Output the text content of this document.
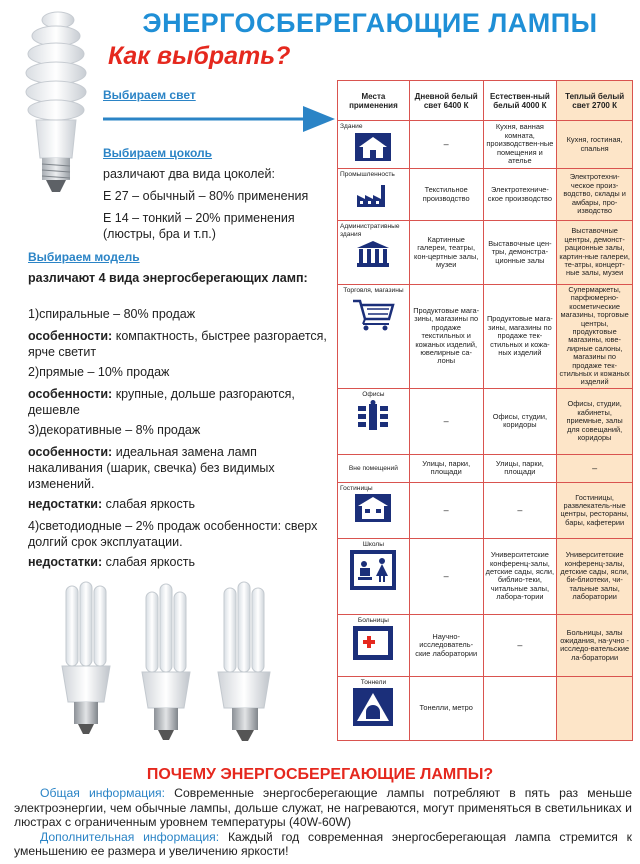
ЭНЕРГОСБЕРЕГАЮЩИЕ ЛАМПЫ
Как выбрать?
Выбираем свет
Выбираем цоколь
различают два вида цоколей:
E 27 – обычный – 80% применения
E 14 – тонкий – 20% применения (люстры, бра и т.п.)
Выбираем модель
различают 4 вида энергосберегающих ламп:
1)спиральные – 80% продаж
особенности: компактность, быстрее разгорается, ярче светит
2)прямые – 10% продаж
особенности: крупные, дольше разгораются, дешевле
3)декоративные – 8% продаж
особенности: идеальная замена ламп накаливания (шарик, свечка) без видимых изменений.
недостатки: слабая яркость
4)светодиодные – 2% продаж особенности: сверх долгий срок эксплуатации.
недостатки: слабая яркость
Места применения	Дневной белый свет 6400 К	Естествен-ный белый 4000 К	Теплый белый свет 2700 К

Здание	–	Кухня, ванная комната, производствен-ные помещения и ателье	Кухня, гостиная, спальня

Промышленность	Текстильное производство	Электротехниче-ское производство	Электротехни-ческое произ-водство, склады и амбары, про-изводство

Административные здания	Картинные галереи, театры, кон-цертные залы, музеи	Выставочные цен-тры, демонстра-ционные залы	Выставочные центры, демонст-рационные залы, картин-ные галереи, те-атры, концерт-ные залы, музеи

Торговля, магазины	Продуктовые мага-зины, магазины по продаже текстильных и кожаных изделий, ювелирные са-лоны	Продуктовые мага-зины, магазины по продаже тек-стильных и кожа-ных изделий	Супермаркеты, парфюмерно-косметические магазины, торговые центры, продуктовые магазины, юве-лирные салоны, магазины по продаже тек-стильных и кожаных изделий

Офисы	–	Офисы, студии, коридоры	Офисы, студии, кабинеты, приемные, залы для совещаний, коридоры

Вне помещений	Улицы, парки, площади	Улицы, парки, площади	–

Гостиницы	–	–	Гостиницы, развлекатель-ные центры, рестораны, бары, кафетерии

Школы	–	Университетские конференц-залы, детские сады, ясли, библио-теки, читальные залы, лабора-тории	Университетские конференц-залы, детские сады, ясли, би-блиотеки, чи-тальные залы, лаборатории

Больницы	Научно-исследователь-ские лаборатории	–	Больницы, залы ожидания, на-учно - исследо-вательские ла-боратории

Тоннели	Тонелли, метро		
ПОЧЕМУ ЭНЕРГОСБЕРЕГАЮЩИЕ ЛАМПЫ?
Общая информация: Современные энергосберегающие лампы потребляют в пять раз меньше электроэнергии, чем обычные лампы, дольше служат, не нагреваются, могут применяться в светильниках и люстрах с ограниченным уровнем температуры (40W-60W)
Дополнительная информация: Каждый год современная энергосберегающая лампа стремится к уменьшению ее размера и увеличению яркости!
